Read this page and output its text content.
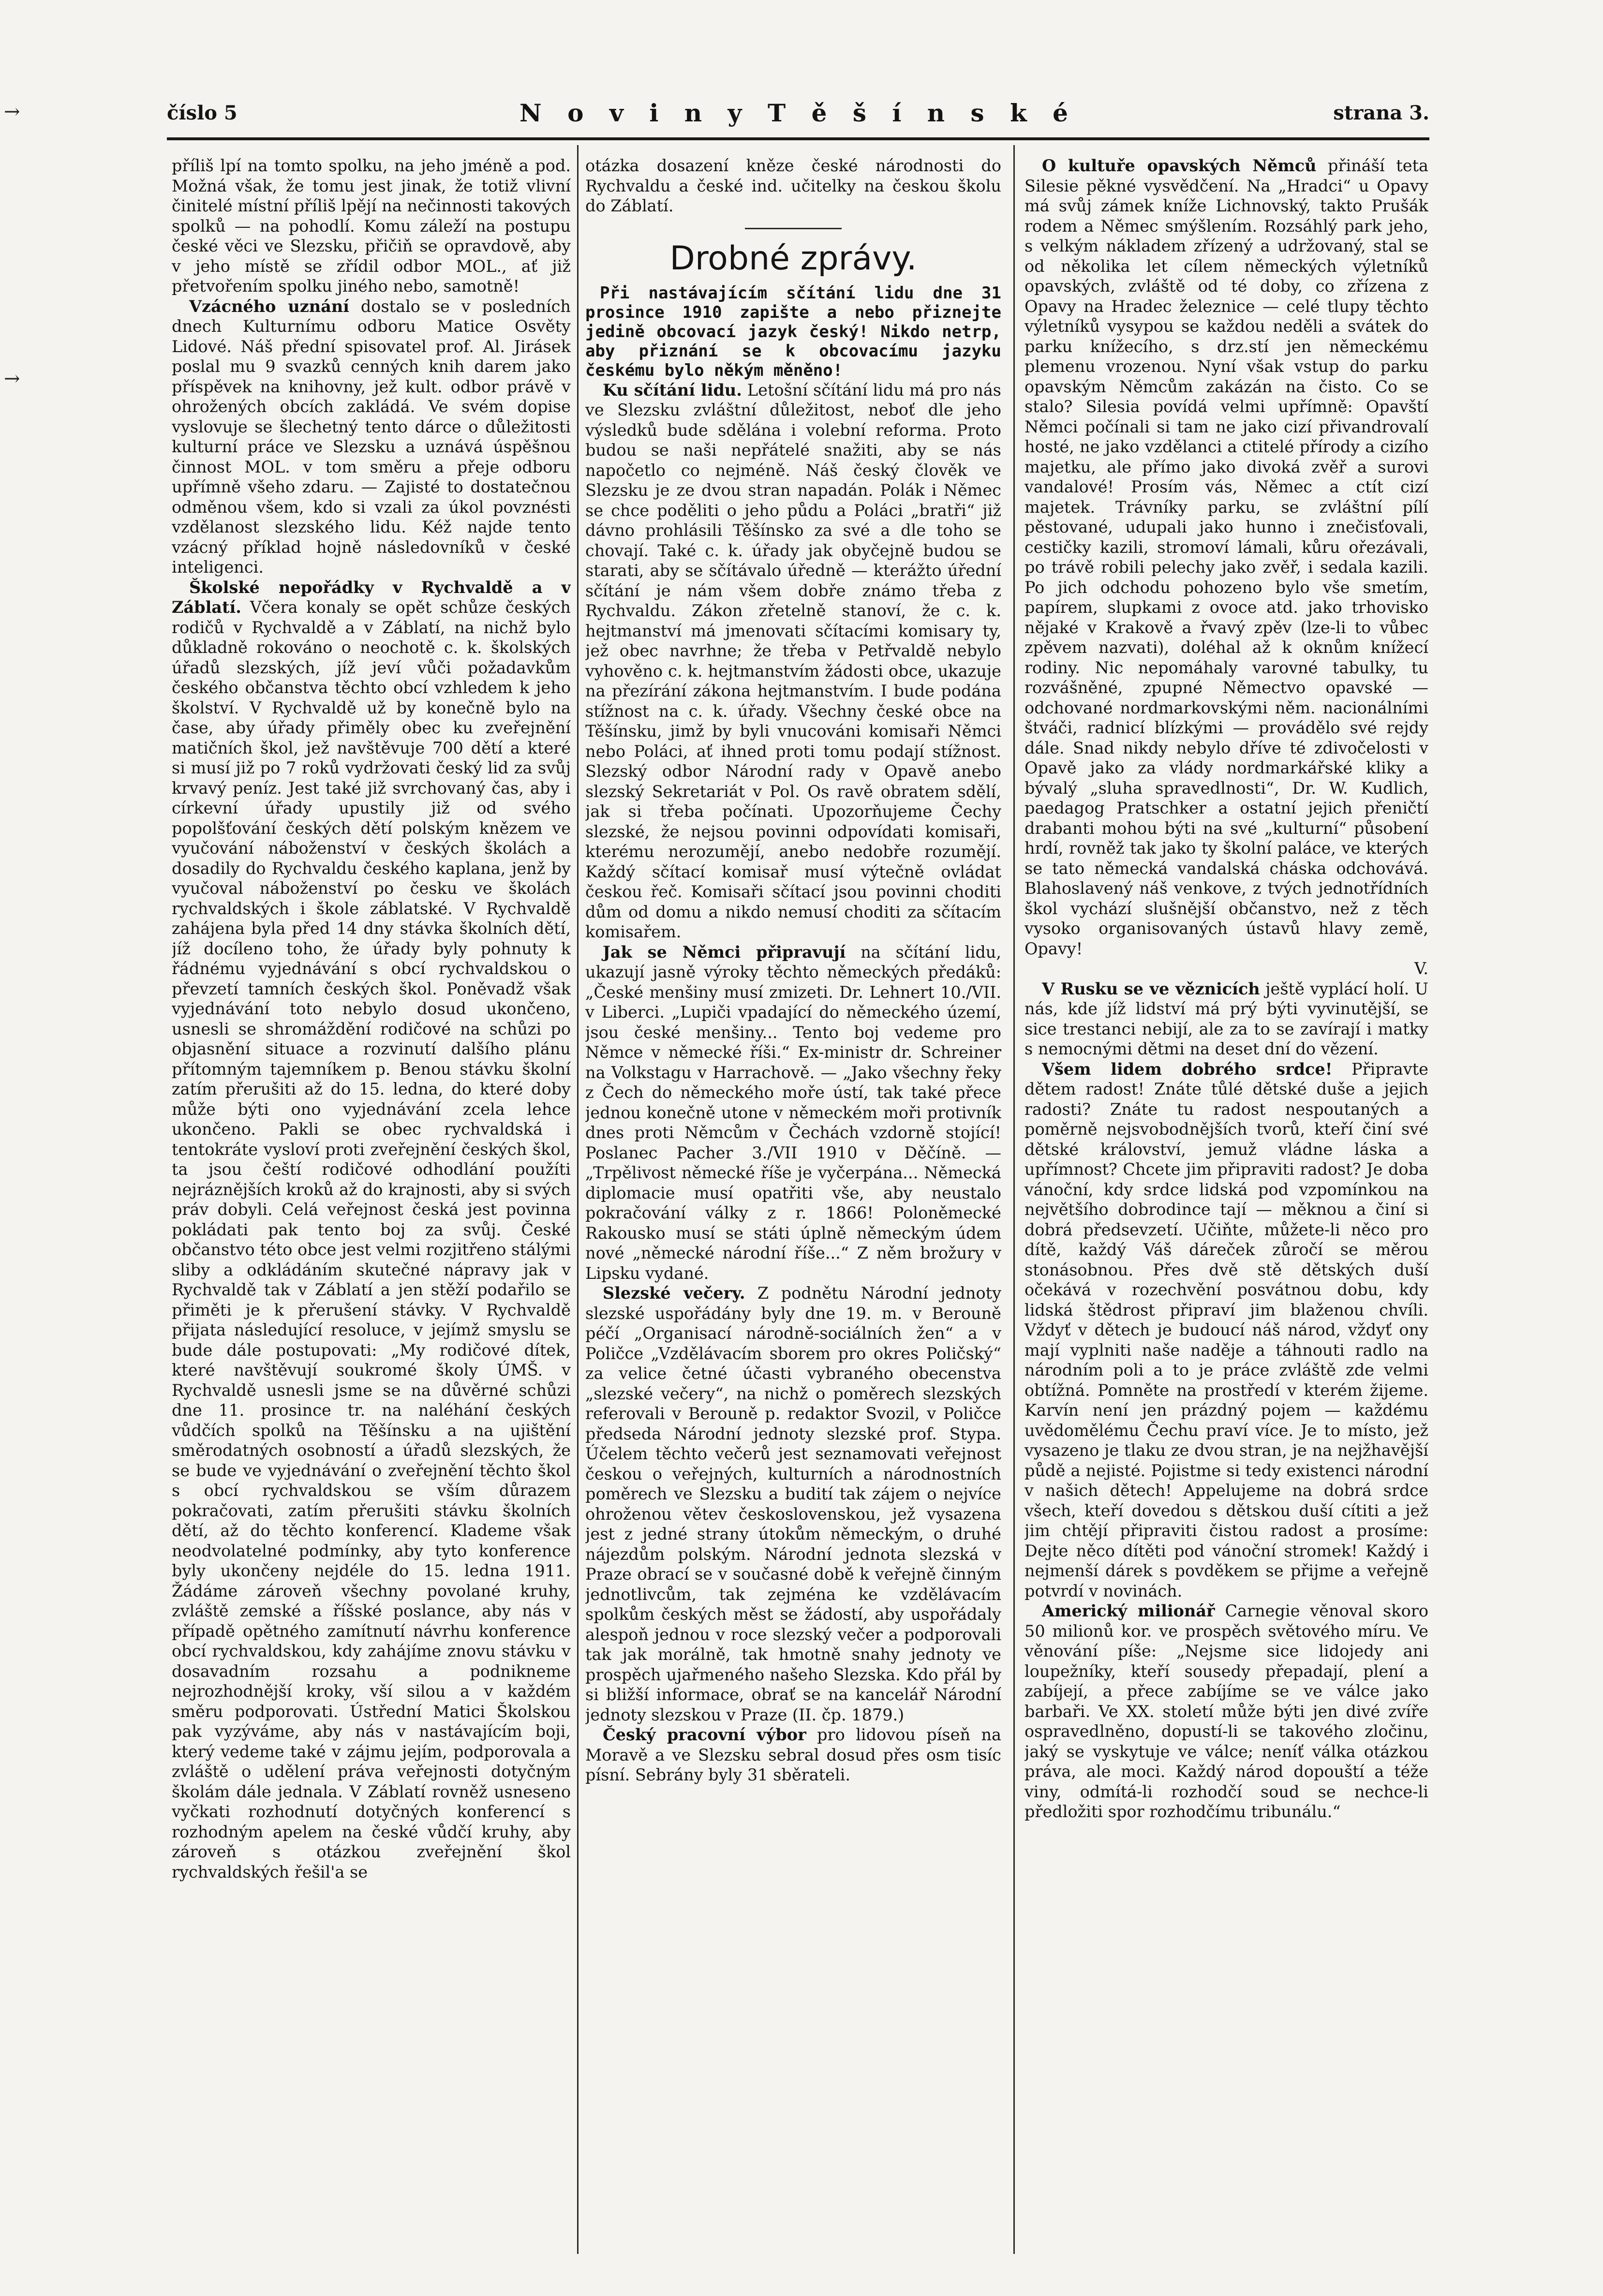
→
→
číslo 5	N o v i n y T ě š í n s k é	strana 3.

příliš lpí na tomto spolku, na jeho jméně a pod. Možná však, že tomu jest jinak, že totiž vlivní činitelé místní příliš lpějí na nečinnosti takových spolků — na pohodlí. Komu záleží na postupu české věci ve Slezsku, přičiň se opravdově, aby v jeho místě se zřídil odbor MOL., ať již přetvořením spolku jiného nebo, samotně!

Vzácného uznání dostalo se v posledních dnech Kulturnímu odboru Matice Osvěty Lidové. Náš přední spisovatel prof. Al. Jirásek poslal mu 9 svazků cenných knih darem jako příspěvek na knihovny, jež kult. odbor právě v ohrožených obcích zakládá. Ve svém dopise vyslovuje se šlechetný tento dárce o důležitosti kulturní práce ve Slezsku a uznává úspěšnou činnost MOL. v tom směru a přeje odboru upřímně všeho zdaru. — Zajisté to dostatečnou odměnou všem, kdo si vzali za úkol povznésti vzdělanost slezského lidu. Kéž najde tento vzácný příklad hojně následovníků v české inteligenci.

Školské nepořádky v Rychvaldě a v Záblatí. Včera konaly se opět schůze českých rodičů v Rychvaldě a v Záblatí, na nichž bylo důkladně rokováno o neochotě c. k. školských úřadů slezských, jíž jeví vůči požadavkům českého občanstva těchto obcí vzhledem k jeho školství. V Rychvaldě už by konečně bylo na čase, aby úřady přiměly obec ku zveřejnění matičních škol, jež navštěvuje 700 dětí a které si musí již po 7 roků vydržovati český lid za svůj krvavý peníz. Jest také již svrchovaný čas, aby i církevní úřady upustily již od svého popolšťování českých dětí polským knězem ve vyučování náboženství v českých školách a dosadily do Rychvaldu českého kaplana, jenž by vyučoval náboženství po česku ve školách rychvaldských i škole záblatské. V Rychvaldě zahájena byla před 14 dny stávka školních dětí, jíž docíleno toho, že úřady byly pohnuty k řádnému vyjednávání s obcí rychvaldskou o převzetí tamních českých škol. Poněvadž však vyjednávání toto nebylo dosud ukončeno, usnesli se shromáždění rodičové na schůzi po objasnění situace a rozvinutí dalšího plánu přítomným tajemníkem p. Benou stávku školní zatím přerušiti až do 15. ledna, do které doby může býti ono vyjednávání zcela lehce ukončeno. Pakli se obec rychvaldská i tentokráte vysloví proti zveřejnění českých škol, ta jsou čeští rodičové odhodlání použíti nejráznějších kroků až do krajnosti, aby si svých práv dobyli. Celá veřejnost česká jest povinna pokládati pak tento boj za svůj. České občanstvo této obce jest velmi rozjitřeno stálými sliby a odkládáním skutečné nápravy jak v Rychvaldě tak v Záblatí a jen stěží podařilo se přiměti je k přerušení stávky. V Rychvaldě přijata následující resoluce, v jejímž smyslu se bude dále postupovati: „My rodičové dítek, které navštěvují soukromé školy ÚMŠ. v Rychvaldě usnesli jsme se na důvěrné schůzi dne 11. prosince tr. na naléhání českých vůdčích spolků na Těšínsku a na ujištění směrodatných osobností a úřadů slezských, že se bude ve vyjednávání o zveřejnění těchto škol s obcí rychvaldskou se vším důrazem pokračovati, zatím přerušiti stávku školních dětí, až do těchto konferencí. Klademe však neodvolatelné podmínky, aby tyto konference byly ukončeny nejdéle do 15. ledna 1911. Žádáme zároveň všechny povolané kruhy, zvláště zemské a říšské poslance, aby nás v případě opětného zamítnutí návrhu konference obcí rychvaldskou, kdy zahájíme znovu stávku v dosavadním rozsahu a podnikneme nejrozhodnější kroky, vší silou a v každém směru podporovati. Ústřední Matici Školskou pak vyzýváme, aby nás v nastávajícím boji, který vedeme také v zájmu jejím, podporovala a zvláště o udělení práva veřejnosti dotyčným školám dále jednala. V Záblatí rovněž usneseno vyčkati rozhodnutí dotyčných konferencí s rozhodným apelem na české vůdčí kruhy, aby zároveň s otázkou zveřejnění škol rychvaldských řešil'a se

otázka dosazení kněze české národnosti do Rychvaldu a české ind. učitelky na českou školu do Záblatí.

Drobné zprávy.
Při nastávajícím sčítání lidu dne 31 prosince 1910 zapište a nebo přiznejte jedině obcovací jazyk český! Nikdo netrp, aby přiznání se k obcovacímu jazyku českému bylo někým měněno!

Ku sčítání lidu. Letošní sčítání lidu má pro nás ve Slezsku zvláštní důležitost, neboť dle jeho výsledků bude sdělána i volební reforma. Proto budou se naši nepřátelé snažiti, aby se nás napočetlo co nejméně. Náš český člověk ve Slezsku je ze dvou stran napadán. Polák i Němec se chce poděliti o jeho půdu a Poláci „bratři“ již dávno prohlásili Těšínsko za své a dle toho se chovají. Také c. k. úřady jak obyčejně budou se starati, aby se sčítávalo úředně — kterážto úřední sčítání je nám všem dobře známo třeba z Rychvaldu. Zákon zřetelně stanoví, že c. k. hejtmanství má jmenovati sčítacími komisary ty, jež obec navrhne; že třeba v Petřvaldě nebylo vyhověno c. k. hejtmanstvím žádosti obce, ukazuje na přezírání zákona hejtmanstvím. I bude podána stížnost na c. k. úřady. Všechny české obce na Těšínsku, jimž by byli vnucováni komisaři Němci nebo Poláci, ať ihned proti tomu podají stížnost. Slezský odbor Národní rady v Opavě anebo slezský Sekretariát v Pol. Os ravě obratem sdělí, jak si třeba počínati. Upozorňujeme Čechy slezské, že nejsou povinni odpovídati komisaři, kterému nerozumějí, anebo nedobře rozumějí. Každý sčítací komisař musí výtečně ovládat českou řeč. Komisaři sčítací jsou povinni choditi dům od domu a nikdo nemusí choditi za sčítacím komisařem.

Jak se Němci připravují na sčítání lidu, ukazují jasně výroky těchto německých předáků: „České menšiny musí zmizeti. Dr. Lehnert 10./VII. v Liberci. „Lupiči vpadající do německého území, jsou české menšiny... Tento boj vedeme pro Němce v německé říši.“ Ex-ministr dr. Schreiner na Volkstagu v Harrachově. — „Jako všechny řeky z Čech do německého moře ústí, tak také přece jednou konečně utone v německém moři protivník dnes proti Němcům v Čechách vzdorně stojící! Poslanec Pacher 3./VII 1910 v Děčíně. — „Trpělivost německé říše je vyčerpána... Německá diplomacie musí opatřiti vše, aby neustalo pokračování války z r. 1866! Poloněmecké Rakousko musí se státi úplně německým údem nové „německé národní říše...“ Z něm brožury v Lipsku vydané.

Slezské večery. Z podnětu Národní jednoty slezské uspořádány byly dne 19. m. v Berouně péčí „Organisací národně-sociálních žen“ a v Poličce „Vzdělávacím sborem pro okres Poličský“ za velice četné účasti vybraného obecenstva „slezské večery“, na nichž o poměrech slezských referovali v Berouně p. redaktor Svozil, v Poličce předseda Národní jednoty slezské prof. Stypa. Účelem těchto večerů jest seznamovati veřejnost českou o veřejných, kulturních a národnostních poměrech ve Slezsku a budití tak zájem o nejvíce ohroženou větev československou, jež vysazena jest z jedné strany útokům německým, o druhé nájezdům polským. Národní jednota slezská v Praze obrací se v současné době k veřejně činným jednotlivcům, tak zejména ke vzdělávacím spolkům českých měst se žádostí, aby uspořádaly alespoň jednou v roce slezský večer a podporovali tak jak morálně, tak hmotně snahy jednoty ve prospěch ujařmeného našeho Slezska. Kdo přál by si bližší informace, obrať se na kancelář Národní jednoty slezskou v Praze (II. čp. 1879.)

Český pracovní výbor pro lidovou píseň na Moravě a ve Slezsku sebral dosud přes osm tisíc písní. Sebrány byly 31 sběrateli.

O kultuře opavských Němců přináší teta Silesie pěkné vysvědčení. Na „Hradci“ u Opavy má svůj zámek kníže Lichnovský, takto Prušák rodem a Němec smýšlením. Rozsáhlý park jeho, s velkým nákladem zřízený a udržovaný, stal se od několika let cílem německých výletníků opavských, zvláště od té doby, co zřízena z Opavy na Hradec železnice — celé tlupy těchto výletníků vysypou se každou neděli a svátek do parku knížecího, s drz.stí jen německému plemenu vrozenou. Nyní však vstup do parku opavským Němcům zakázán na čisto. Co se stalo? Silesia povídá velmi upřímně: Opavští Němci počínali si tam ne jako cizí přivandrovalí hosté, ne jako vzdělanci a ctitelé přírody a cizího majetku, ale přímo jako divoká zvěř a surovi vandalové! Prosím vás, Němec a ctít cizí majetek. Trávníky parku, se zvláštní pílí pěstované, udupali jako hunno i znečisťovali, cestičky kazili, stromoví lámali, kůru ořezávali, po trávě robili pelechy jako zvěř, i sedala kazili. Po jich odchodu pohozeno bylo vše smetím, papírem, slupkami z ovoce atd. jako trhovisko nějaké v Krakově a řvavý zpěv (lze-li to vůbec zpěvem nazvati), doléhal až k oknům knížecí rodiny. Nic nepomáhaly varovné tabulky, tu rozvášněné, zpupné Němectvo opavské — odchované nordmarkovskými něm. nacionálními štváči, radnicí blízkými — provádělo své rejdy dále. Snad nikdy nebylo dříve té zdivočelosti v Opavě jako za vlády nordmarkářské kliky a bývalý „sluha spravedlnosti“, Dr. W. Kudlich, paedagog Pratschker a ostatní jejich přeničtí drabanti mohou býti na své „kulturní“ působení hrdí, rovněž tak jako ty školní paláce, ve kterých se tato německá vandalská cháska odchovává. Blahoslavený náš venkove, z tvých jednotřídních škol vychází slušnější občanstvo, než z těch vysoko organisovaných ústavů hlavy země, Opavy!
V.

V Rusku se ve věznicích ještě vyplácí holí. U nás, kde jíž lidství má prý býti vyvinutější, se sice trestanci nebijí, ale za to se zavírají i matky s nemocnými dětmi na deset dní do vězení.

Všem lidem dobrého srdce! Připravte dětem radost! Znáte tůlé dětské duše a jejich radosti? Znáte tu radost nespoutaných a poměrně nejsvobodnějších tvorů, kteří činí své dětské království, jemuž vládne láska a upřímnost? Chcete jim připraviti radost? Je doba vánoční, kdy srdce lidská pod vzpomínkou na největšího dobrodince tají — měknou a činí si dobrá předsevzetí. Učiňte, můžete-li něco pro dítě, každý Váš dáreček zůročí se měrou stonásobnou. Přes dvě stě dětských duší očekává v rozechvění posvátnou dobu, kdy lidská štědrost připraví jim blaženou chvíli. Vždyť v dětech je budoucí náš národ, vždyť ony mají vyplniti naše naděje a táhnouti radlo na národním poli a to je práce zvláště zde velmi obtížná. Pomněte na prostředí v kterém žijeme. Karvín není jen prázdný pojem — každému uvědomělému Čechu praví více. Je to místo, jež vysazeno je tlaku ze dvou stran, je na nejžhavější půdě a nejisté. Pojistme si tedy existenci národní v našich dětech! Appelujeme na dobrá srdce všech, kteří dovedou s dětskou duší cítiti a jež jim chtějí připraviti čistou radost a prosíme: Dejte něco dítěti pod vánoční stromek! Každý i nejmenší dárek s povděkem se přijme a veřejně potvrdí v novinách.

Americký milionář Carnegie věnoval skoro 50 milionů kor. ve prospěch světového míru. Ve věnování píše: „Nejsme sice lidojedy ani loupežníky, kteří sousedy přepadají, plení a zabíjejí, a přece zabíjíme se ve válce jako barbaři. Ve XX. století může býti jen divé zvíře ospravedlněno, dopustí-li se takového zločinu, jaký se vyskytuje ve válce; neníť válka otázkou práva, ale moci. Každý národ dopouští a téže viny, odmítá-li rozhodčí soud se nechce-li předložiti spor rozhodčímu tribunálu.“
